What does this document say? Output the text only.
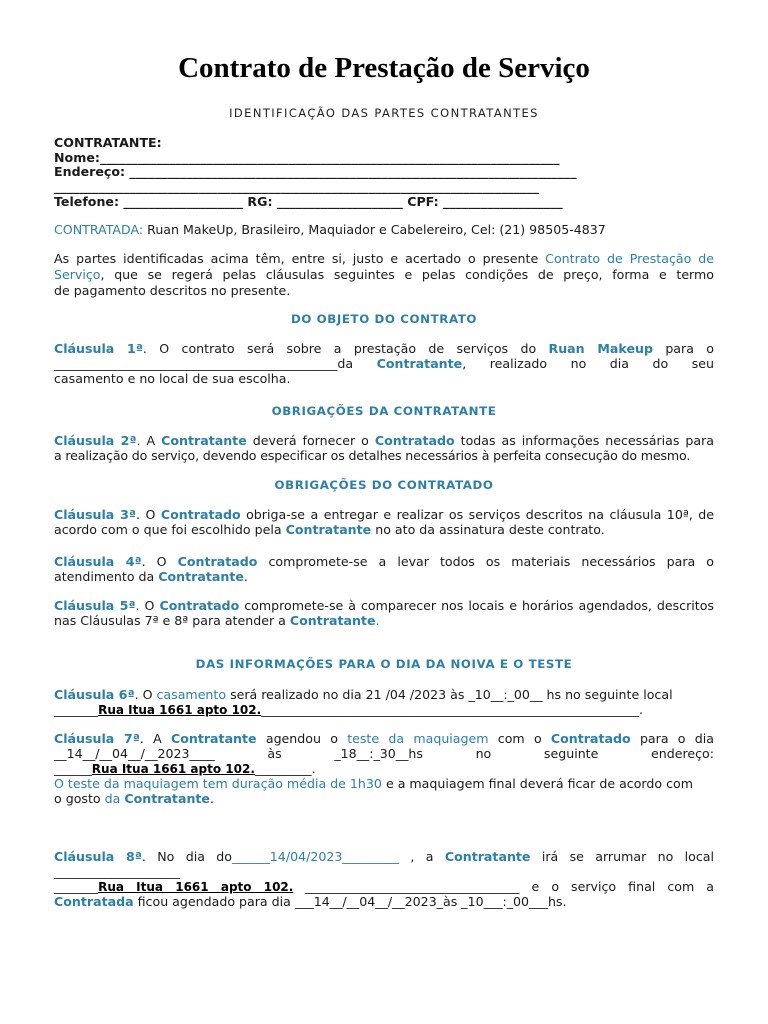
Contrato de Prestação de Serviço
IDENTIFICAÇÃO DAS PARTES CONTRATANTES
CONTRATANTE:
Nome:_________________________________________________________________________
Endereço: _______________________________________________________________________
_____________________________________________________________________________
Telefone: ___________________ RG: ____________________ CPF: ___________________
CONTRATADA: Ruan MakeUp, Brasileiro, Maquiador e Cabelereiro, Cel: (21) 98505-4837
As partes identificadas acima têm, entre si, justo e acertado o presente Contrato de Prestação de
Serviço, que se regerá pelas cláusulas seguintes e pelas condições de preço, forma e termo
de pagamento descritos no presente.
DO OBJETO DO CONTRATO
Cláusula 1ª. O contrato será sobre a prestação de serviços do Ruan Makeup para o
_____________________________________________da Contratante, realizado no dia do seu
casamento e no local de sua escolha.
OBRIGAÇÕES DA CONTRATANTE
Cláusula 2ª. A Contratante deverá fornecer o Contratado todas as informações necessárias para
a realização do serviço, devendo especificar os detalhes necessários à perfeita consecução do mesmo.
OBRIGAÇÕES DO CONTRATADO
Cláusula 3ª. O Contratado obriga-se a entregar e realizar os serviços descritos na cláusula 10ª, de
acordo com o que foi escolhido pela Contratante no ato da assinatura deste contrato.
Cláusula 4ª. O Contratado compromete-se a levar todos os materiais necessários para o
atendimento da Contratante.
Cláusula 5ª. O Contratado compromete-se à comparecer nos locais e horários agendados, descritos
nas Cláusulas 7ª e 8ª para atender a Contratante.
DAS INFORMAÇÕES PARA O DIA DA NOIVA E O TESTE
Cláusula 6ª. O casamento será realizado no dia 21 /04 /2023 às _10__:_00__ hs no seguinte local
_______Rua Itua 1661 apto 102.____________________________________________________________.
Cláusula 7ª. A Contratante agendou o teste da maquiagem com o Contratado para o dia
__14__/__04__/__2023____	às	_18__:_30__hs	no	seguinte	endereço:
______Rua Itua 1661 apto 102._________.
O teste da maquiagem tem duração média de 1h30 e a maquiagem final deverá ficar de acordo com
o gosto da Contratante.
Cláusula 8ª. No dia do______14/04/2023_________ , a Contratante irá se arrumar no local
____________________
_______Rua Itua 1661 apto 102. __________________________________ e o serviço final com a
Contratada ficou agendado para dia ___14__/__04__/__2023_às _10___:_00___hs.
